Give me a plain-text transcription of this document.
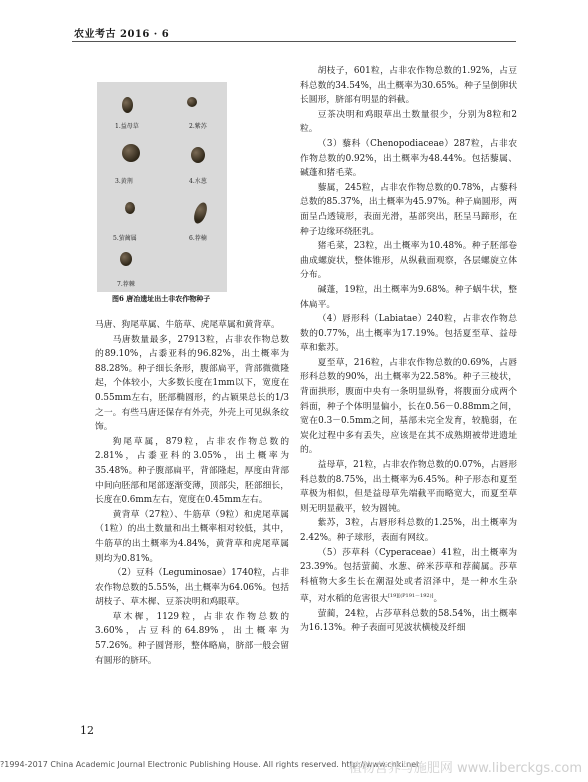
农业考古 2016 · 6
1.益母草	2.紫苏
3.黄荆	4.水葱
5.萤蔺属	6.荐楠
7.荐棘
图6 唐冶遗址出土非农作物种子

马唐、狗尾草属、牛筋草、虎尾草属和黄背草。

马唐数量最多，27913粒，占非农作物总数的89.10%，占黍亚科的96.82%，出土概率为88.28%。种子细长条形，腹部扁平，背部微微隆起，个体较小，大多数长度在1mm以下，宽度在0.55mm左右，胚部椭圆形，约占颖果总长的1/3之一。有些马唐还保存有外壳，外壳上可见纵条纹饰。

狗尾草属，879粒，占非农作物总数的2.81%，占黍亚科的3.05%，出土概率为35.48%。种子腹部扁平，背部隆起，厚度由背部中间向胚部和尾部逐渐变薄，顶部尖，胚部细长，长度在0.6mm左右，宽度在0.45mm左右。

黄背草（27粒）、牛筋草（9粒）和虎尾草属（1粒）的出土数量和出土概率相对较低，其中，牛筋草的出土概率为4.84%，黄背草和虎尾草属则均为0.81%。

（2）豆科（Leguminosae）1740粒，占非农作物总数的5.55%，出土概率为64.06%。包括胡枝子、草木樨、豆茶决明和鸡眼草。

草木樨，1129粒，占非农作物总数的3.60%，占豆科的64.89%，出土概率为57.26%。种子圆肾形，整体略扁，脐部一般会留有圆形的脐环。

胡枝子，601粒，占非农作物总数的1.92%，占豆科总数的34.54%，出土概率为30.65%。种子呈倒卵状长圆形，脐部有明显的斜截。

豆茶决明和鸡眼草出土数量很少，分别为8粒和2粒。

（3）藜科（Chenopodiaceae）287粒，占非农作物总数的0.92%，出土概率为48.44%。包括藜属、碱蓬和猪毛菜。

藜属，245粒，占非农作物总数的0.78%，占藜科总数的85.37%，出土概率为45.97%。种子扁圆形，两面呈凸透镜形，表面光滑，基部突出，胚呈马蹄形，在种子边缘环绕胚乳。

猪毛菜，23粒，出土概率为10.48%。种子胚部卷曲成螺旋状，整体锥形，从纵截面观察，各层螺旋立体分布。

碱蓬，19粒，出土概率为9.68%。种子蜗牛状，整体扁平。

（4）唇形科（Labiatae）240粒，占非农作物总数的0.77%，出土概率为17.19%。包括夏至草、益母草和紫苏。

夏至草，216粒，占非农作物总数的0.69%，占唇形科总数的90%，出土概率为22.58%。种子三棱状，背面拱形，腹面中央有一条明显纵脊，将腹面分成两个斜面，种子个体明显偏小，长在0.56－0.88mm之间，宽在0.3－0.5mm之间，基部未完全发育，较脆弱，在炭化过程中多有丢失，应该是在其不成熟期被带进遗址的。

益母草，21粒，占非农作物总数的0.07%，占唇形科总数的8.75%，出土概率为6.45%。种子形态和夏至草极为相似，但是益母草先端截平而略宽大，而夏至草则无明显截平，较为圆钝。

紫苏，3粒，占唇形科总数的1.25%，出土概率为2.42%。种子球形，表面有网纹。

（5）莎草科（Cyperaceae）41粒，出土概率为23.39%。包括萤蔺、水葱、碎米莎草和荐蔺属。莎草科植物大多生长在潮湿处或者沼泽中，是一种水生杂草，对水稻的危害很大[19][(P191－192)]。

萤蔺，24粒，占莎草科总数的58.54%，出土概率为16.13%。种子表面可见波状横棱及纤细

12
?1994-2017 China Academic Journal Electronic Publishing House. All rights reserved. http://www.cnki.net
植物营养与施肥网 www.liberckgs.com
